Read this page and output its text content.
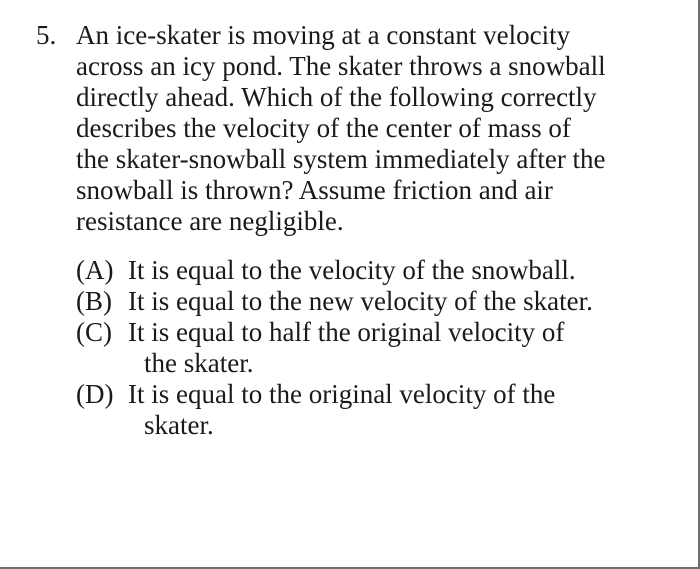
5. An ice-skater is moving at a constant velocity
across an icy pond. The skater throws a snowball
directly ahead. Which of the following correctly
describes the velocity of the center of mass of
the skater-snowball system immediately after the
snowball is thrown? Assume friction and air
resistance are negligible.
(A) It is equal to the velocity of the snowball.
(B) It is equal to the new velocity of the skater.
(C) It is equal to half the original velocity of
the skater.
(D) It is equal to the original velocity of the
skater.
